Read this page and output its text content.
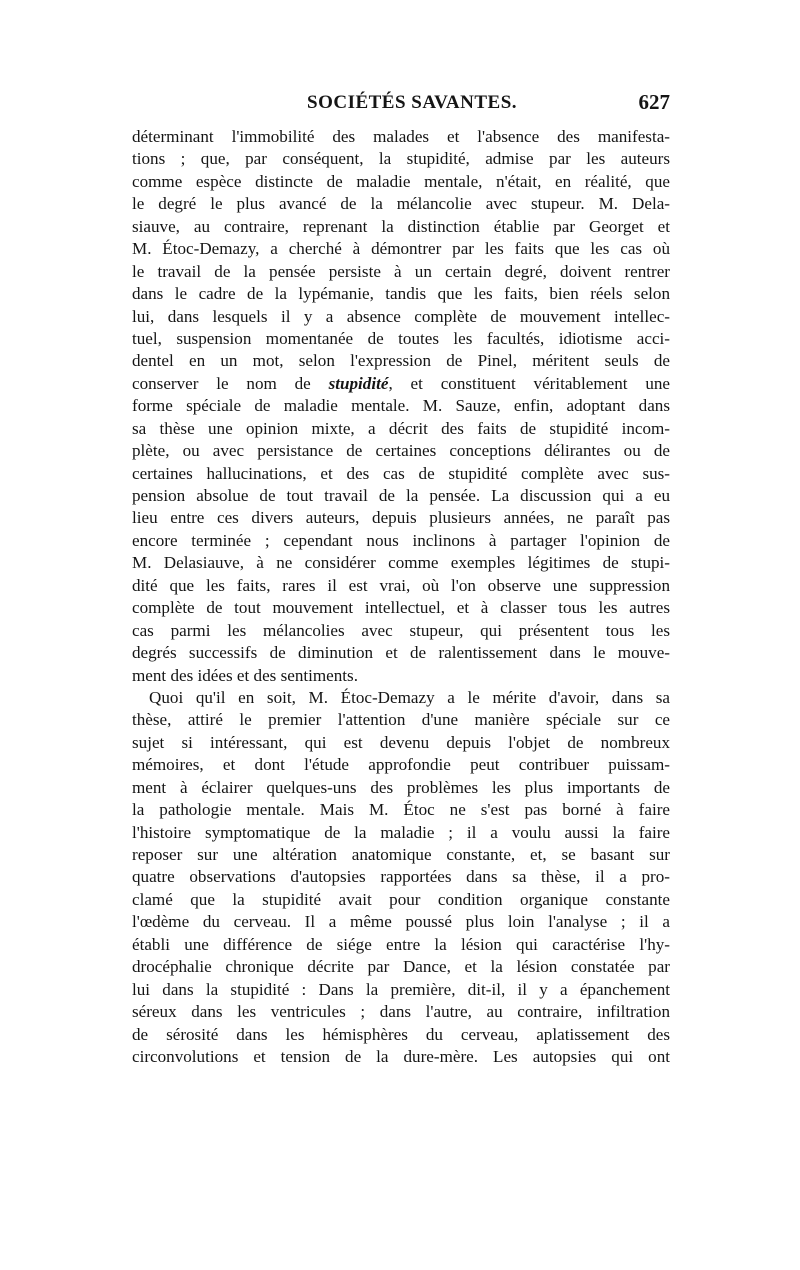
SOCIÉTÉS SAVANTES.	627
déterminant l'immobilité des malades et l'absence des manifesta-
tions ; que, par conséquent, la stupidité, admise par les auteurs
comme espèce distincte de maladie mentale, n'était, en réalité, que
le degré le plus avancé de la mélancolie avec stupeur. M. Dela-
siauve, au contraire, reprenant la distinction établie par Georget et
M. Étoc-Demazy, a cherché à démontrer par les faits que les cas où
le travail de la pensée persiste à un certain degré, doivent rentrer
dans le cadre de la lypémanie, tandis que les faits, bien réels selon
lui, dans lesquels il y a absence complète de mouvement intellec-
tuel, suspension momentanée de toutes les facultés, idiotisme acci-
dentel en un mot, selon l'expression de Pinel, méritent seuls de
conserver le nom de stupidité, et constituent véritablement une
forme spéciale de maladie mentale. M. Sauze, enfin, adoptant dans
sa thèse une opinion mixte, a décrit des faits de stupidité incom-
plète, ou avec persistance de certaines conceptions délirantes ou de
certaines hallucinations, et des cas de stupidité complète avec sus-
pension absolue de tout travail de la pensée. La discussion qui a eu
lieu entre ces divers auteurs, depuis plusieurs années, ne paraît pas
encore terminée ; cependant nous inclinons à partager l'opinion de
M. Delasiauve, à ne considérer comme exemples légitimes de stupi-
dité que les faits, rares il est vrai, où l'on observe une suppression
complète de tout mouvement intellectuel, et à classer tous les autres
cas parmi les mélancolies avec stupeur, qui présentent tous les
degrés successifs de diminution et de ralentissement dans le mouve-
ment des idées et des sentiments.
Quoi qu'il en soit, M. Étoc-Demazy a le mérite d'avoir, dans sa
thèse, attiré le premier l'attention d'une manière spéciale sur ce
sujet si intéressant, qui est devenu depuis l'objet de nombreux
mémoires, et dont l'étude approfondie peut contribuer puissam-
ment à éclairer quelques-uns des problèmes les plus importants de
la pathologie mentale. Mais M. Étoc ne s'est pas borné à faire
l'histoire symptomatique de la maladie ; il a voulu aussi la faire
reposer sur une altération anatomique constante, et, se basant sur
quatre observations d'autopsies rapportées dans sa thèse, il a pro-
clamé que la stupidité avait pour condition organique constante
l'œdème du cerveau. Il a même poussé plus loin l'analyse ; il a
établi une différence de siége entre la lésion qui caractérise l'hy-
drocéphalie chronique décrite par Dance, et la lésion constatée par
lui dans la stupidité : Dans la première, dit-il, il y a épanchement
séreux dans les ventricules ; dans l'autre, au contraire, infiltration
de sérosité dans les hémisphères du cerveau, aplatissement des
circonvolutions et tension de la dure-mère. Les autopsies qui ont
